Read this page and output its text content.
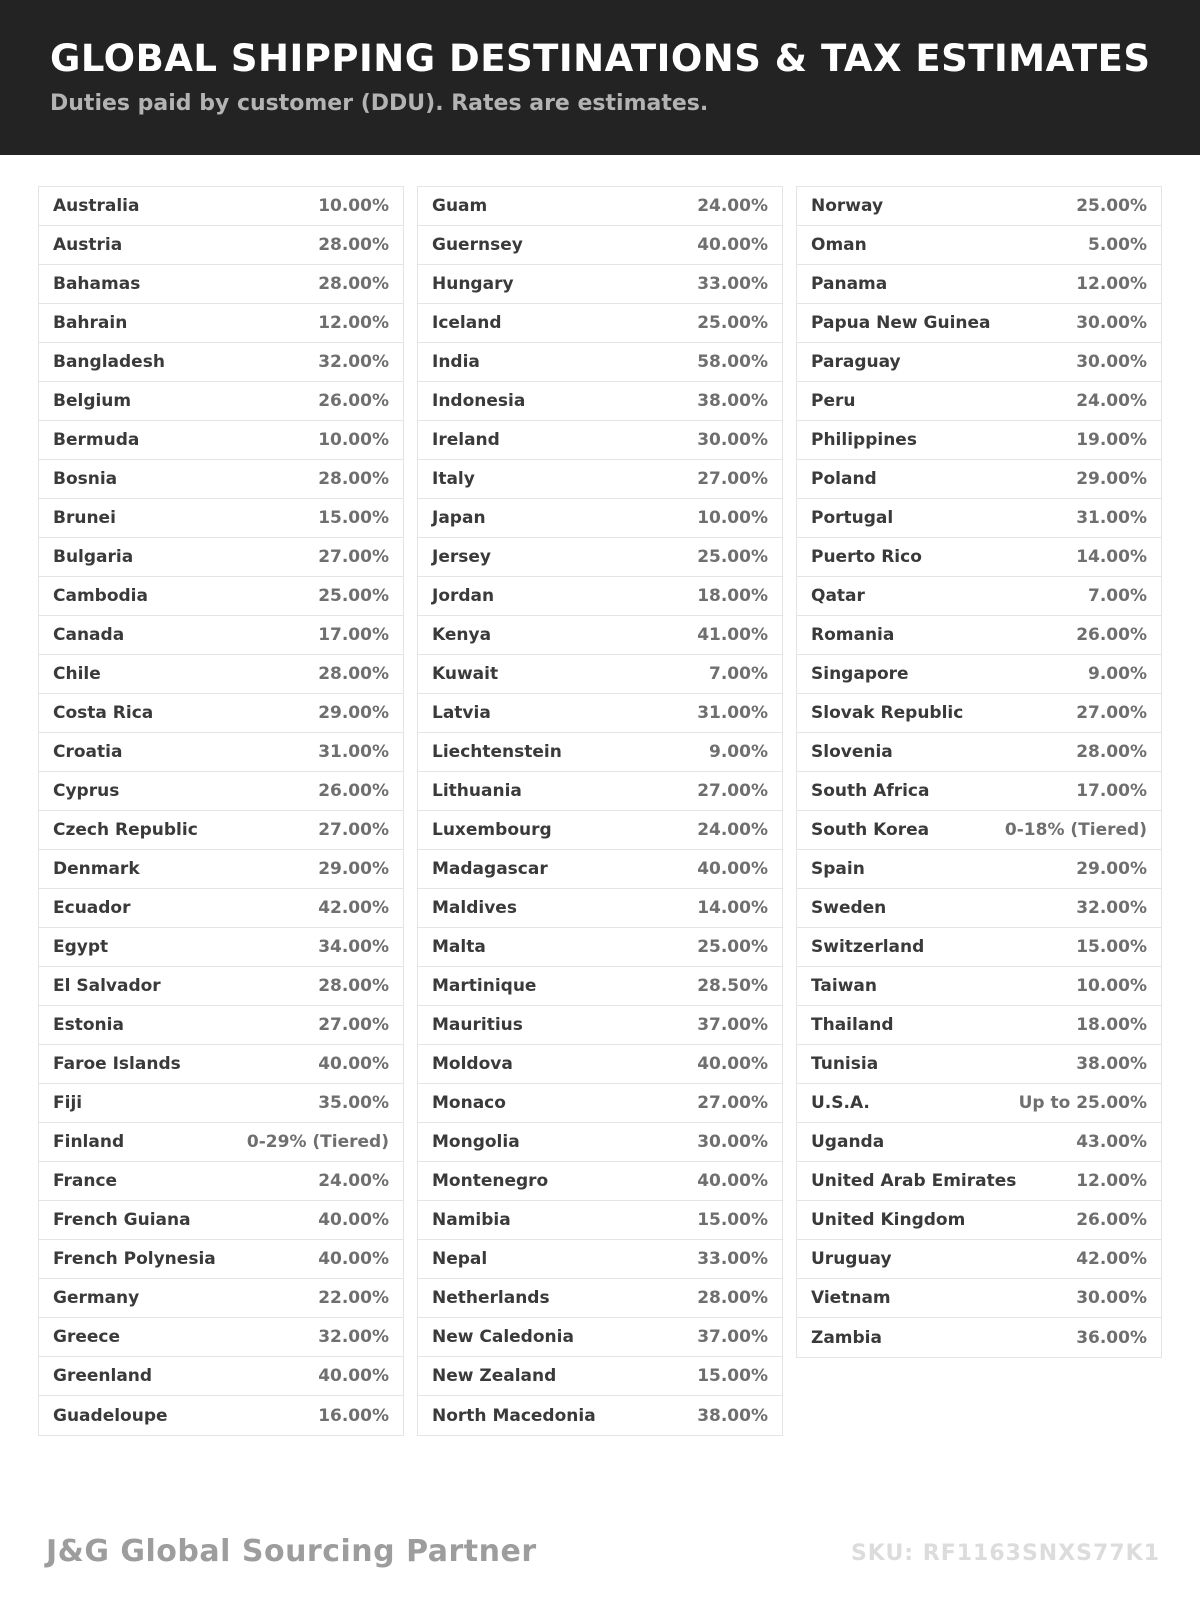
GLOBAL SHIPPING DESTINATIONS & TAX ESTIMATES
Duties paid by customer (DDU). Rates are estimates.
Australia	10.00%
Austria	28.00%
Bahamas	28.00%
Bahrain	12.00%
Bangladesh	32.00%
Belgium	26.00%
Bermuda	10.00%
Bosnia	28.00%
Brunei	15.00%
Bulgaria	27.00%
Cambodia	25.00%
Canada	17.00%
Chile	28.00%
Costa Rica	29.00%
Croatia	31.00%
Cyprus	26.00%
Czech Republic	27.00%
Denmark	29.00%
Ecuador	42.00%
Egypt	34.00%
El Salvador	28.00%
Estonia	27.00%
Faroe Islands	40.00%
Fiji	35.00%
Finland	0-29% (Tiered)
France	24.00%
French Guiana	40.00%
French Polynesia	40.00%
Germany	22.00%
Greece	32.00%
Greenland	40.00%
Guadeloupe	16.00%
Guam	24.00%
Guernsey	40.00%
Hungary	33.00%
Iceland	25.00%
India	58.00%
Indonesia	38.00%
Ireland	30.00%
Italy	27.00%
Japan	10.00%
Jersey	25.00%
Jordan	18.00%
Kenya	41.00%
Kuwait	7.00%
Latvia	31.00%
Liechtenstein	9.00%
Lithuania	27.00%
Luxembourg	24.00%
Madagascar	40.00%
Maldives	14.00%
Malta	25.00%
Martinique	28.50%
Mauritius	37.00%
Moldova	40.00%
Monaco	27.00%
Mongolia	30.00%
Montenegro	40.00%
Namibia	15.00%
Nepal	33.00%
Netherlands	28.00%
New Caledonia	37.00%
New Zealand	15.00%
North Macedonia	38.00%
Norway	25.00%
Oman	5.00%
Panama	12.00%
Papua New Guinea	30.00%
Paraguay	30.00%
Peru	24.00%
Philippines	19.00%
Poland	29.00%
Portugal	31.00%
Puerto Rico	14.00%
Qatar	7.00%
Romania	26.00%
Singapore	9.00%
Slovak Republic	27.00%
Slovenia	28.00%
South Africa	17.00%
South Korea	0-18% (Tiered)
Spain	29.00%
Sweden	32.00%
Switzerland	15.00%
Taiwan	10.00%
Thailand	18.00%
Tunisia	38.00%
U.S.A.	Up to 25.00%
Uganda	43.00%
United Arab Emirates	12.00%
United Kingdom	26.00%
Uruguay	42.00%
Vietnam	30.00%
Zambia	36.00%
J&G Global Sourcing Partner	SKU: RF1163SNXS77K1
